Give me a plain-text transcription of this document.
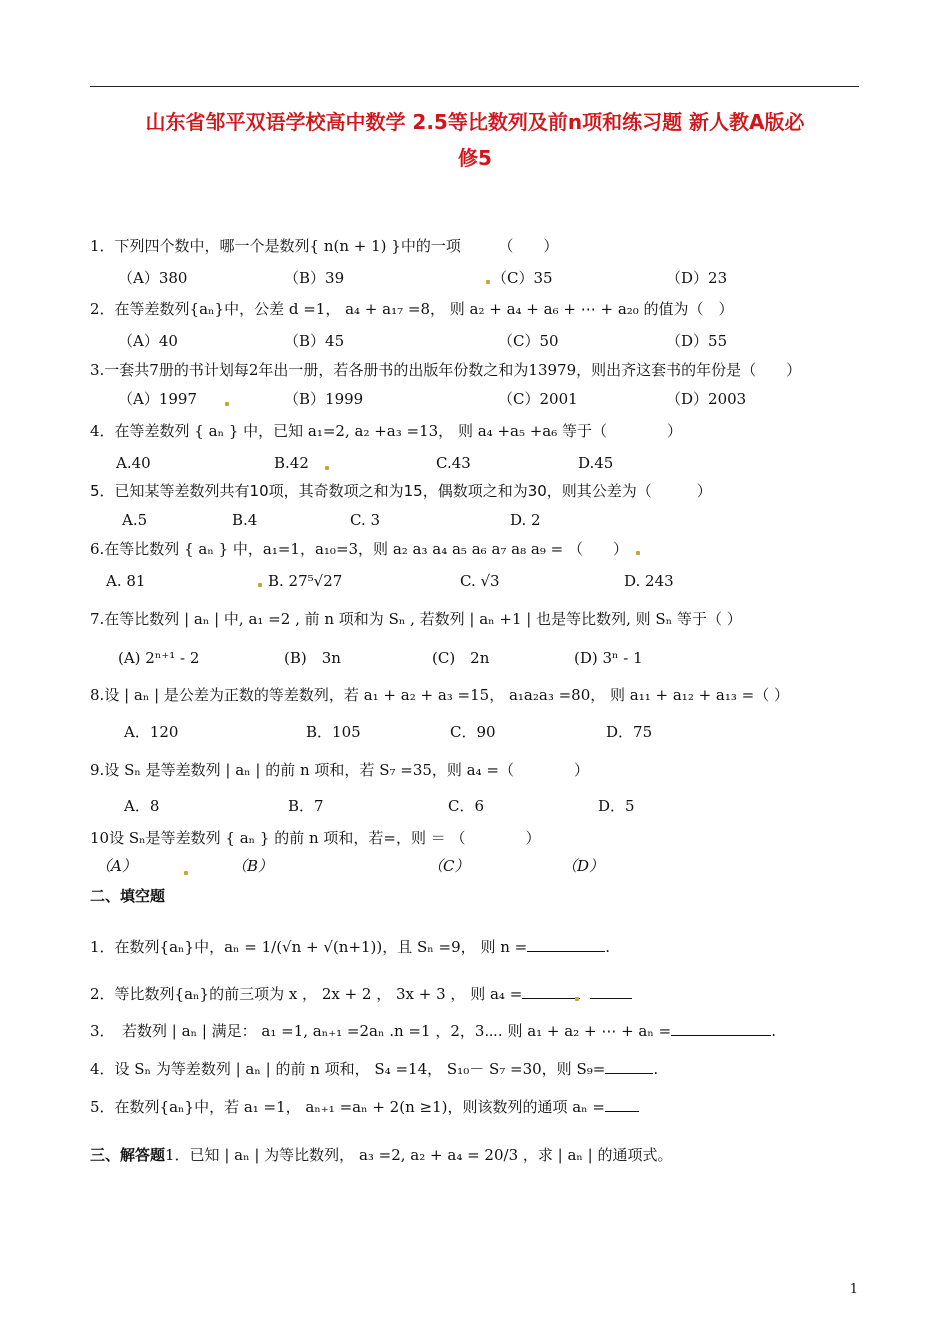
山东省邹平双语学校高中数学 2.5等比数列及前n项和练习题 新人教A版必
修5
1．下列四个数中，哪一个是数列{ n(n + 1) }中的一项　　　（　　）
（A）380	（B）39	（C）35	（D）23
2．在等差数列{aₙ}中，公差 d =1， a₄ + a₁₇ =8， 则 a₂ + a₄ + a₆ + ⋯ + a₂₀ 的值为（　）
（A）40	（B）45	（C）50	（D）55
3.一套共7册的书计划每2年出一册，若各册书的出版年份数之和为13979，则出齐这套书的年份是（　　）
（A）1997	（B）1999	（C）2001	（D）2003
4．在等差数列 { aₙ } 中，已知 a₁=2, a₂ +a₃ =13， 则 a₄ +a₅ +a₆ 等于（　　　　）
A.40	B.42	C.43	D.45
5．已知某等差数列共有10项，其奇数项之和为15，偶数项之和为30，则其公差为（　　　）
A.5	B.4	C. 3	D. 2
6.在等比数列 { aₙ } 中，a₁=1，a₁₀=3，则 a₂ a₃ a₄ a₅ a₆ a₇ a₈ a₉ = （　　）
A. 81	B. 27⁵√27	C. √3	D. 243
7.在等比数列 | aₙ | 中, a₁ =2 , 前 n 项和为 Sₙ , 若数列 | aₙ +1 | 也是等比数列, 则 Sₙ 等于（ ）
(A) 2ⁿ⁺¹ - 2	(B)　3n	(C)　2n	(D) 3ⁿ - 1
8.设 | aₙ | 是公差为正数的等差数列，若 a₁ + a₂ + a₃ =15， a₁a₂a₃ =80， 则 a₁₁ + a₁₂ + a₁₃ =（ ）
A．120	B．105	C．90	D．75
9.设 Sₙ 是等差数列 | aₙ | 的前 n 项和，若 S₇ =35，则 a₄ =（　　　　）
A．8	B．7	C．6	D．5
10设 Sₙ是等差数列 { aₙ } 的前 n 项和，若=，则 ＝ （　　　　）
（A）	（B）	（C）	（D）
二、填空题
1．在数列{aₙ}中，aₙ = 1/(√n + √(n+1))，且 Sₙ =9， 则 n =	.
2．等比数列{aₙ}的前三项为 x ， 2x + 2 ， 3x + 3 ， 则 a₄ =
3．　若数列 | aₙ | 满足： a₁ =1, aₙ₊₁ =2aₙ .n =1 ，2，3⋯. 则 a₁ + a₂ + ⋯ + aₙ =	.
4．设 Sₙ 为等差数列 | aₙ | 的前 n 项和， S₄ =14， S₁₀－ S₇ =30，则 S₉=	.
5．在数列{aₙ}中，若 a₁ =1， aₙ₊₁ =aₙ + 2(n ≥1)，则该数列的通项 aₙ =
三、解答题1．已知 | aₙ | 为等比数列， a₃ =2, a₂ + a₄ = 20/3 ，求 | aₙ | 的通项式。
1
